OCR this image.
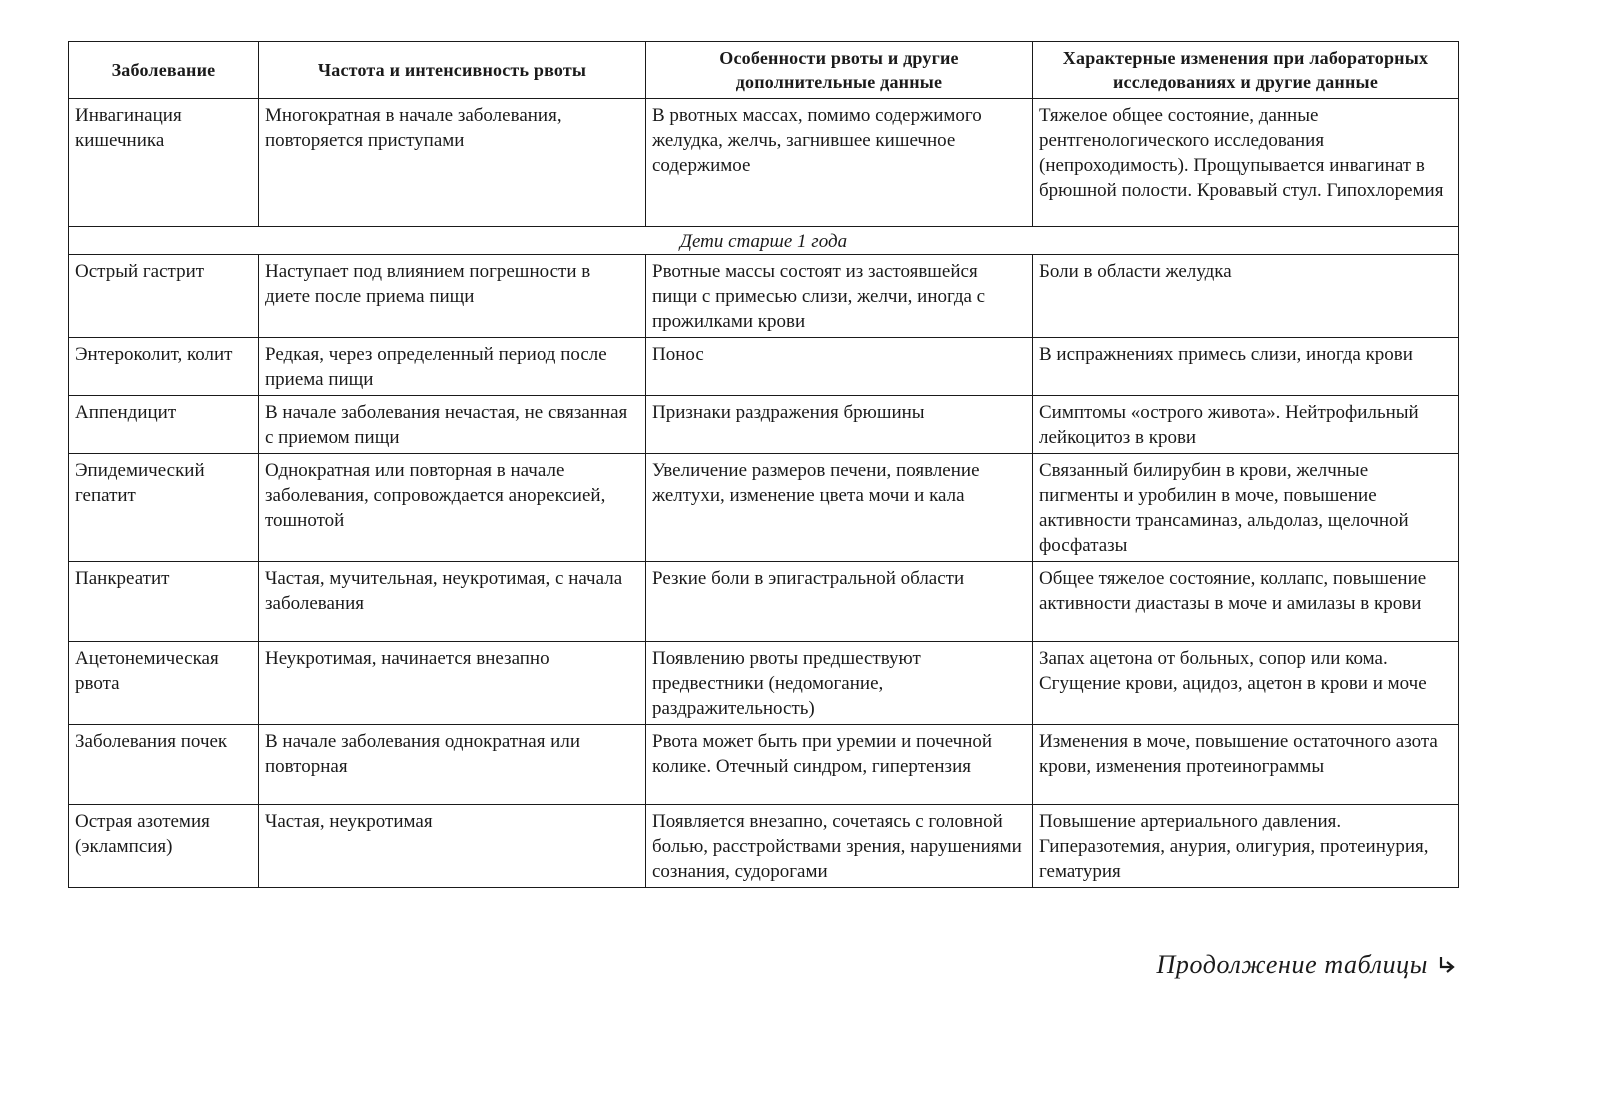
Заболевание	Частота и интенсивность рвоты	Особенности рвоты и другие дополнительные данные	Характерные изменения при лабораторных исследованиях и другие данные
Инвагинация кишечника	Многократная в начале заболевания, повторяется приступами	В рвотных массах, помимо содержимого желудка, желчь, загнившее кишечное содержимое	Тяжелое общее состояние, данные рентгенологического исследования (непроходимость). Прощупывается инвагинат в брюшной полости. Кровавый стул. Гипохлоремия
Дети старше 1 года			
Острый гастрит	Наступает под влиянием погрешности в диете после приема пищи	Рвотные массы состоят из застоявшейся пищи с примесью слизи, желчи, иногда с прожилками крови	Боли в области желудка
Энтероколит, колит	Редкая, через определенный период после приема пищи	Понос	В испражнениях примесь слизи, иногда крови
Аппендицит	В начале заболевания нечастая, не связанная с приемом пищи	Признаки раздражения брюшины	Симптомы «острого живота». Нейтрофильный лейкоцитоз в крови
Эпидемический гепатит	Однократная или повторная в начале заболевания, сопровождается анорексией, тошнотой	Увеличение размеров печени, появление желтухи, изменение цвета мочи и кала	Связанный билирубин в крови, желчные пигменты и уробилин в моче, повышение активности трансаминаз, альдолаз, щелочной фосфатазы
Панкреатит	Частая, мучительная, неукротимая, с начала заболевания	Резкие боли в эпигастральной области	Общее тяжелое состояние, коллапс, повышение активности диастазы в моче и амилазы в крови
Ацетонемическая рвота	Неукротимая, начинается внезапно	Появлению рвоты предшествуют предвестники (недомогание, раздражительность)	Запах ацетона от больных, сопор или кома. Сгущение крови, ацидоз, ацетон в крови и моче
Заболевания почек	В начале заболевания однократная или повторная	Рвота может быть при уремии и почечной колике. Отечный синдром, гипертензия	Изменения в моче, повышение остаточного азота крови, изменения протеинограммы
Острая азотемия (эклампсия)	Частая, неукротимая	Появляется внезапно, сочетаясь с головной болью, расстройствами зрения, нарушениями сознания, судорогами	Повышение артериального давления. Гиперазотемия, анурия, олигурия, протеинурия, гематурия
Продолжение таблицы
